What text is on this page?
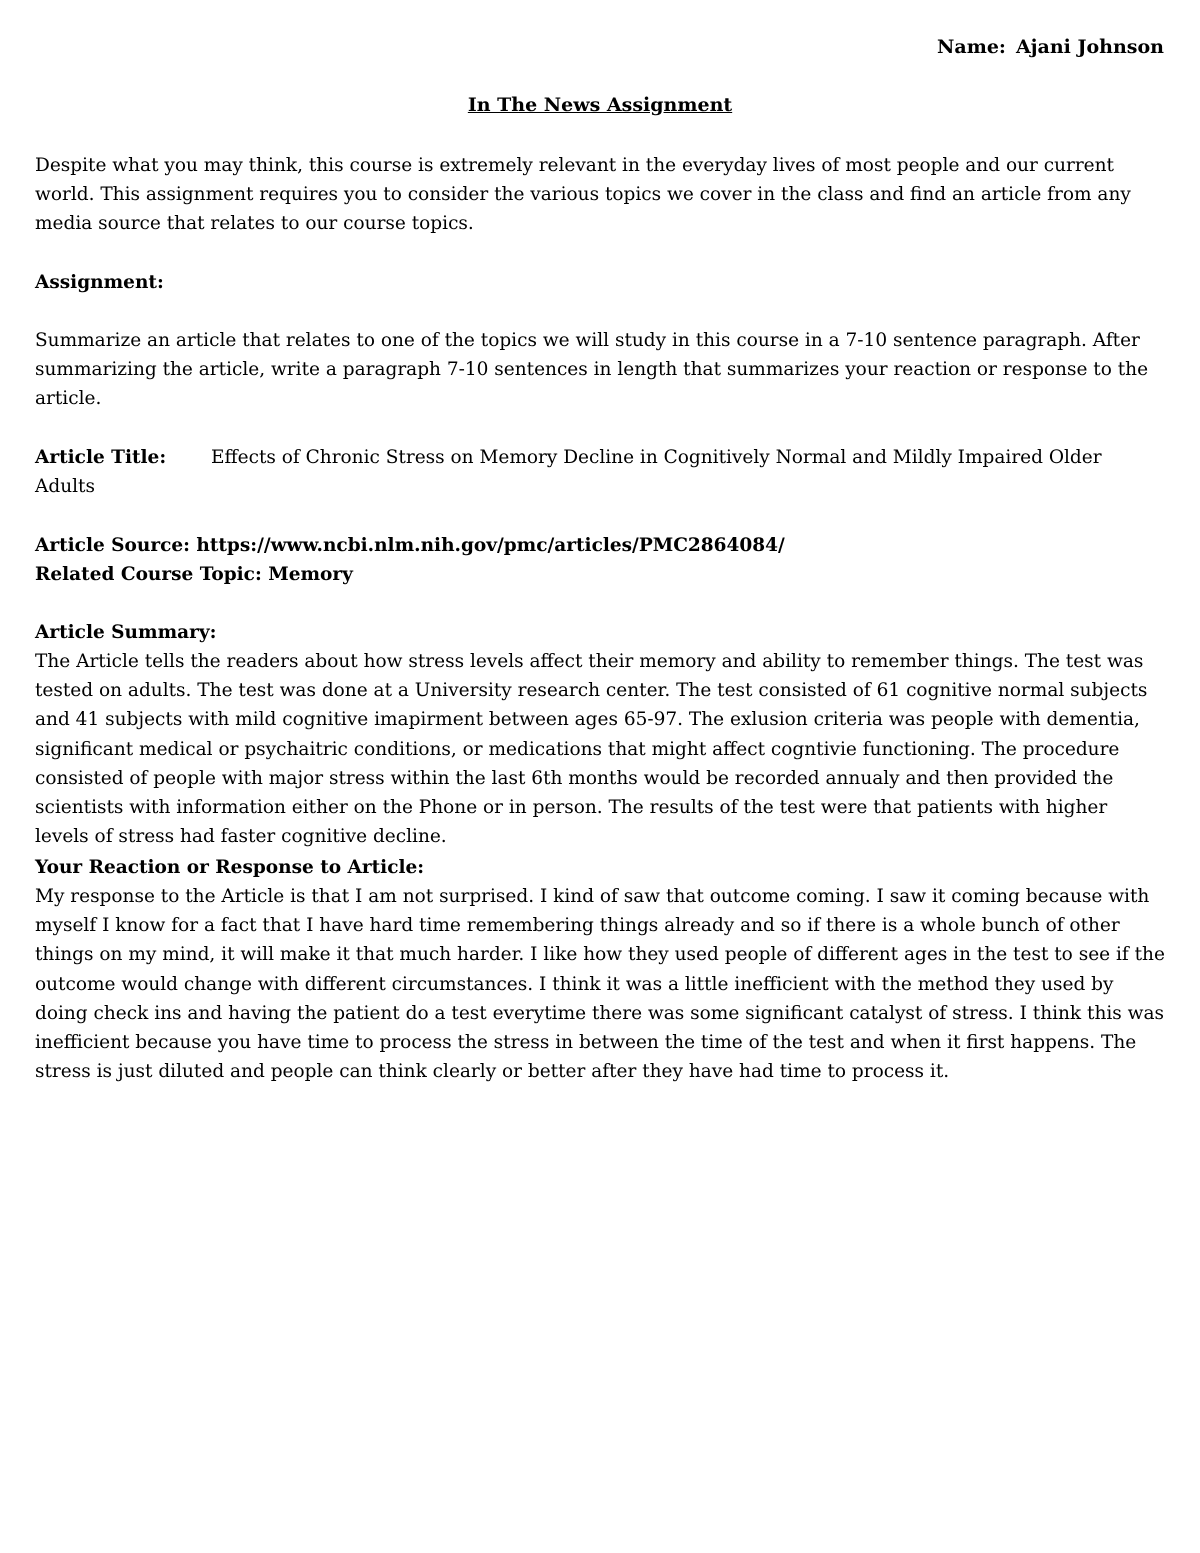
Name: Ajani Johnson
In The News Assignment

Despite what you may think, this course is extremely relevant in the everyday lives of most people and our current world. This assignment requires you to consider the various topics we cover in the class and find an article from any media source that relates to our course topics.

Assignment:

Summarize an article that relates to one of the topics we will study in this course in a 7-10 sentence paragraph. After summarizing the article, write a paragraph 7-10 sentences in length that summarizes your reaction or response to the article.

Article Title: Effects of Chronic Stress on Memory Decline in Cognitively Normal and Mildly Impaired Older Adults

Article Source: https://www.ncbi.nlm.nih.gov/pmc/articles/PMC2864084/

Related Course Topic: Memory

Article Summary:

The Article tells the readers about how stress levels affect their memory and ability to remember things. The test was tested on adults. The test was done at a University research center. The test consisted of 61 cognitive normal subjects and 41 subjects with mild cognitive imapirment between ages 65-97. The exlusion criteria was people with dementia, significant medical or psychaitric conditions, or medications that might affect cogntivie functioning. The procedure consisted of people with major stress within the last 6th months would be recorded annualy and then provided the scientists with information either on the Phone or in person. The results of the test were that patients with higher levels of stress had faster cognitive decline.

Your Reaction or Response to Article:

My response to the Article is that I am not surprised. I kind of saw that outcome coming. I saw it coming because with myself I know for a fact that I have hard time remembering things already and so if there is a whole bunch of other things on my mind, it will make it that much harder. I like how they used people of different ages in the test to see if the outcome would change with different circumstances. I think it was a little inefficient with the method they used by doing check ins and having the patient do a test everytime there was some significant catalyst of stress. I think this was inefficient because you have time to process the stress in between the time of the test and when it first happens. The stress is just diluted and people can think clearly or better after they have had time to process it.
